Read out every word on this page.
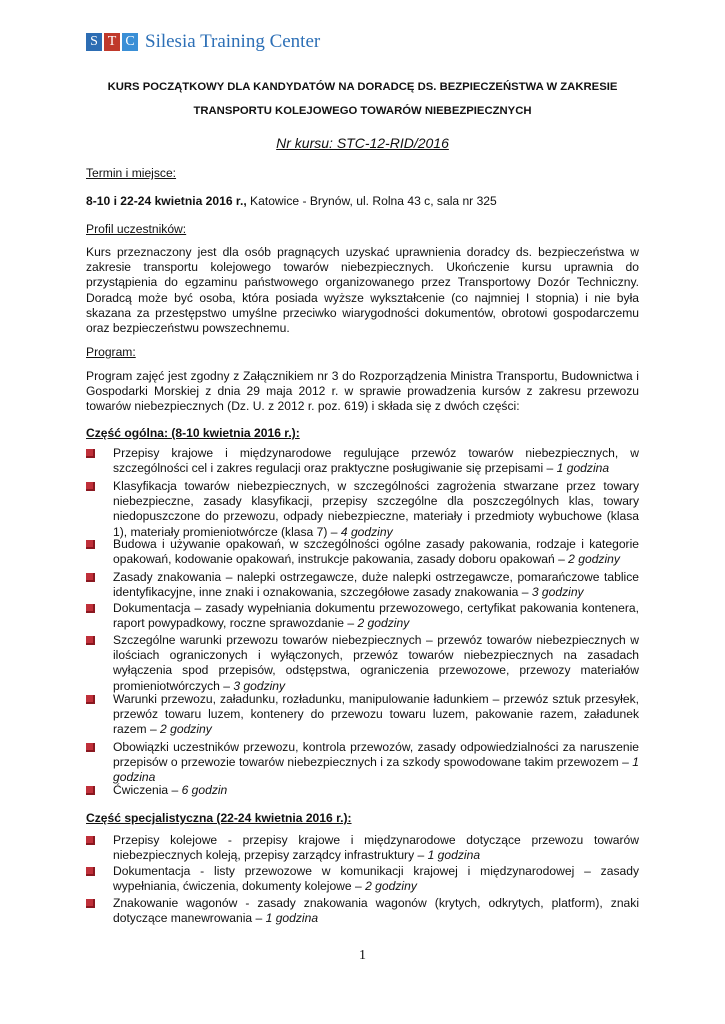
S T C Silesia Training Center
KURS POCZĄTKOWY DLA KANDYDATÓW NA DORADCĘ DS. BEZPIECZEŃSTWA W ZAKRESIE
TRANSPORTU KOLEJOWEGO TOWARÓW NIEBEZPIECZNYCH
Nr kursu: STC-12-RID/2016
Termin i miejsce:
8-10 i 22-24 kwietnia 2016 r., Katowice - Brynów, ul. Rolna 43 c, sala nr 325
Profil uczestników:
Kurs przeznaczony jest dla osób pragnących uzyskać uprawnienia doradcy ds. bezpieczeństwa w zakresie transportu kolejowego towarów niebezpiecznych. Ukończenie kursu uprawnia do przystąpienia do egzaminu państwowego organizowanego przez Transportowy Dozór Techniczny. Doradcą może być osoba, która posiada wyższe wykształcenie (co najmniej I stopnia) i nie była skazana za przestępstwo umyślne przeciwko wiarygodności dokumentów, obrotowi gospodarczemu oraz bezpieczeństwu powszechnemu.
Program:
Program zajęć jest zgodny z Załącznikiem nr 3 do Rozporządzenia Ministra Transportu, Budownictwa i Gospodarki Morskiej z dnia 29 maja 2012 r. w sprawie prowadzenia kursów z zakresu przewozu towarów niebezpiecznych (Dz. U. z 2012 r. poz. 619) i składa się z dwóch części:
Część ogólna: (8-10 kwietnia 2016 r.):
Przepisy krajowe i międzynarodowe regulujące przewóz towarów niebezpiecznych, w szczególności cel i zakres regulacji oraz praktyczne posługiwanie się przepisami – 1 godzina
Klasyfikacja towarów niebezpiecznych, w szczególności zagrożenia stwarzane przez towary niebezpieczne, zasady klasyfikacji, przepisy szczególne dla poszczególnych klas, towary niedopuszczone do przewozu, odpady niebezpieczne, materiały i przedmioty wybuchowe (klasa 1), materiały promieniotwórcze (klasa 7) – 4 godziny
Budowa i używanie opakowań, w szczególności ogólne zasady pakowania, rodzaje i kategorie opakowań, kodowanie opakowań, instrukcje pakowania, zasady doboru opakowań – 2 godziny
Zasady znakowania – nalepki ostrzegawcze, duże nalepki ostrzegawcze, pomarańczowe tablice identyfikacyjne, inne znaki i oznakowania, szczegółowe zasady znakowania – 3 godziny
Dokumentacja – zasady wypełniania dokumentu przewozowego, certyfikat pakowania kontenera, raport powypadkowy, roczne sprawozdanie – 2 godziny
Szczególne warunki przewozu towarów niebezpiecznych – przewóz towarów niebezpiecznych w ilościach ograniczonych i wyłączonych, przewóz towarów niebezpiecznych na zasadach wyłączenia spod przepisów, odstępstwa, ograniczenia przewozowe, przewozy materiałów promieniotwórczych – 3 godziny
Warunki przewozu, załadunku, rozładunku, manipulowanie ładunkiem – przewóz sztuk przesyłek, przewóz towaru luzem, kontenery do przewozu towaru luzem, pakowanie razem, załadunek razem – 2 godziny
Obowiązki uczestników przewozu, kontrola przewozów, zasady odpowiedzialności za naruszenie przepisów o przewozie towarów niebezpiecznych i za szkody spowodowane takim przewozem – 1 godzina
Ćwiczenia – 6 godzin
Część specjalistyczna (22-24 kwietnia 2016 r.):
Przepisy kolejowe - przepisy krajowe i międzynarodowe dotyczące przewozu towarów niebezpiecznych koleją, przepisy zarządcy infrastruktury – 1 godzina
Dokumentacja - listy przewozowe w komunikacji krajowej i międzynarodowej – zasady wypełniania, ćwiczenia, dokumenty kolejowe – 2 godziny
Znakowanie wagonów - zasady znakowania wagonów (krytych, odkrytych, platform), znaki dotyczące manewrowania – 1 godzina
1
